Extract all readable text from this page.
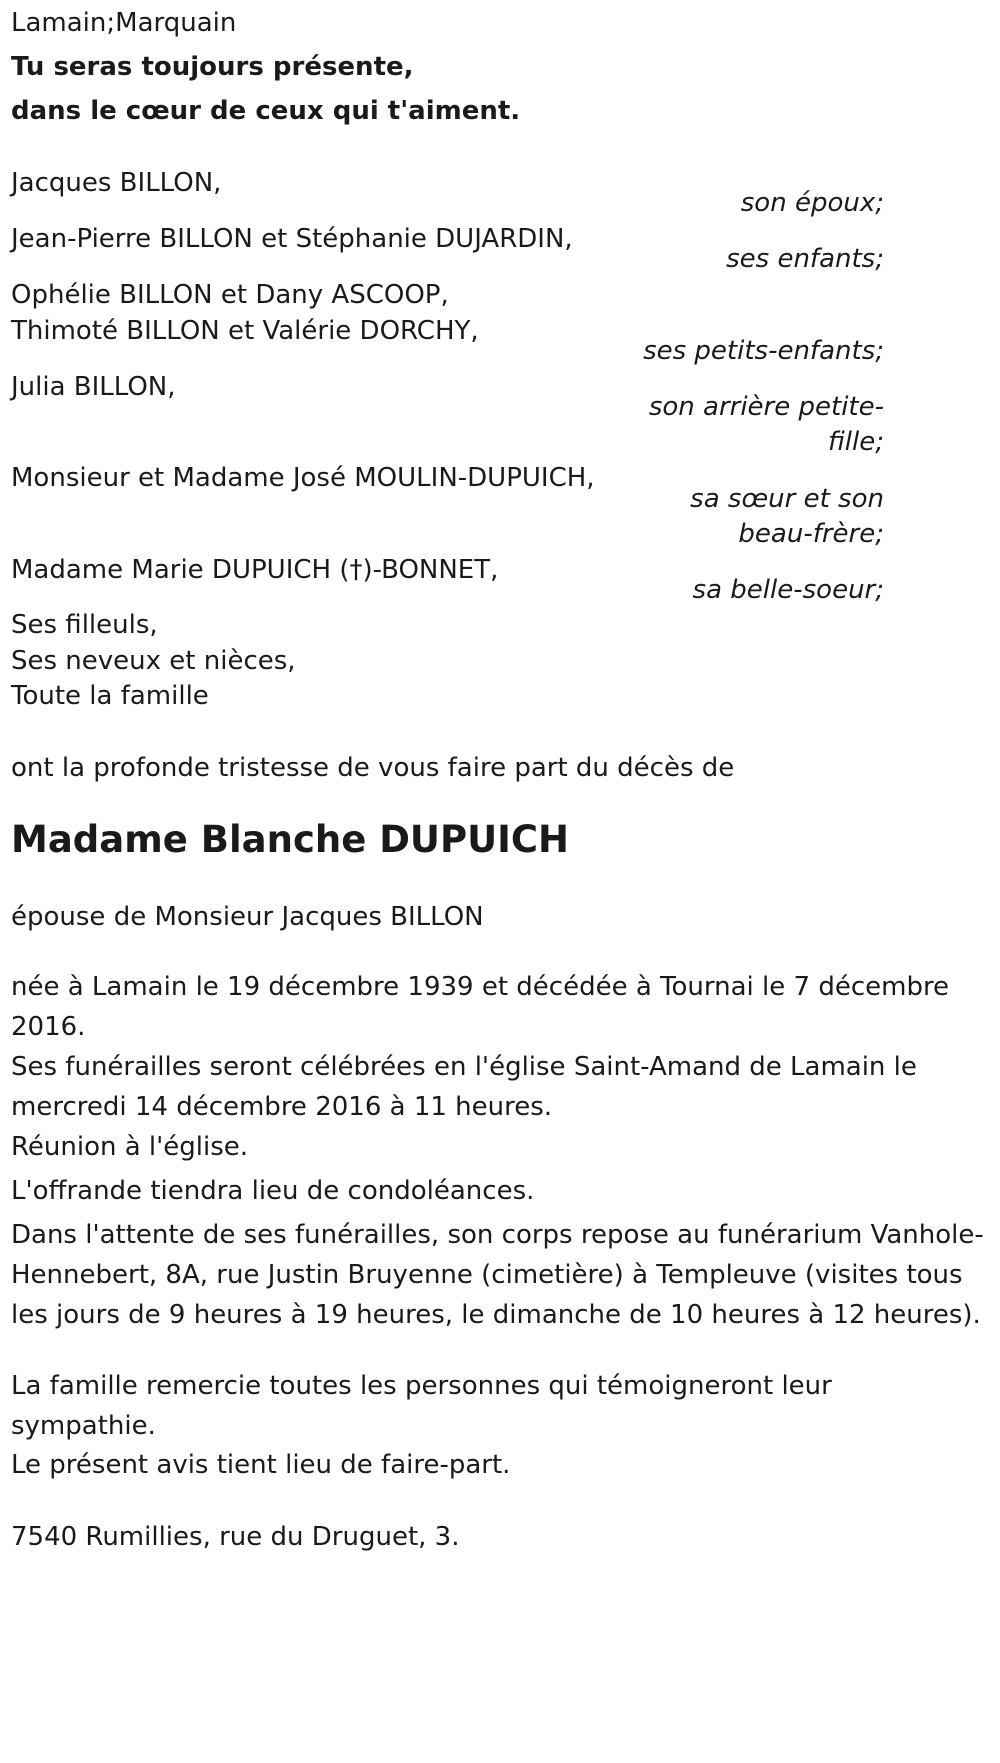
Lamain;Marquain
Tu seras toujours présente,
dans le cœur de ceux qui t'aiment.
Jacques BILLON,
son époux;
Jean-Pierre BILLON et Stéphanie DUJARDIN,
ses enfants;
Ophélie BILLON et Dany ASCOOP,
Thimoté BILLON et Valérie DORCHY,
ses petits-enfants;
Julia BILLON,
son arrière petite-
fille;
Monsieur et Madame José MOULIN-DUPUICH,
sa sœur et son
beau-frère;
Madame Marie DUPUICH (†)-BONNET,
sa belle-soeur;
Ses filleuls,
Ses neveux et nièces,
Toute la famille
ont la profonde tristesse de vous faire part du décès de
Madame Blanche DUPUICH
épouse de Monsieur Jacques BILLON
née à Lamain le 19 décembre 1939 et décédée à Tournai le 7 décembre 2016.
Ses funérailles seront célébrées en l'église Saint-Amand de Lamain le mercredi 14 décembre 2016 à 11 heures.
Réunion à l'église.
L'offrande tiendra lieu de condoléances.
Dans l'attente de ses funérailles, son corps repose au funérarium Vanhole-Hennebert, 8A, rue Justin Bruyenne (cimetière) à Templeuve (visites tous les jours de 9 heures à 19 heures, le dimanche de 10 heures à 12 heures).
La famille remercie toutes les personnes qui témoigneront leur sympathie.
Le présent avis tient lieu de faire-part.
7540 Rumillies, rue du Druguet, 3.
